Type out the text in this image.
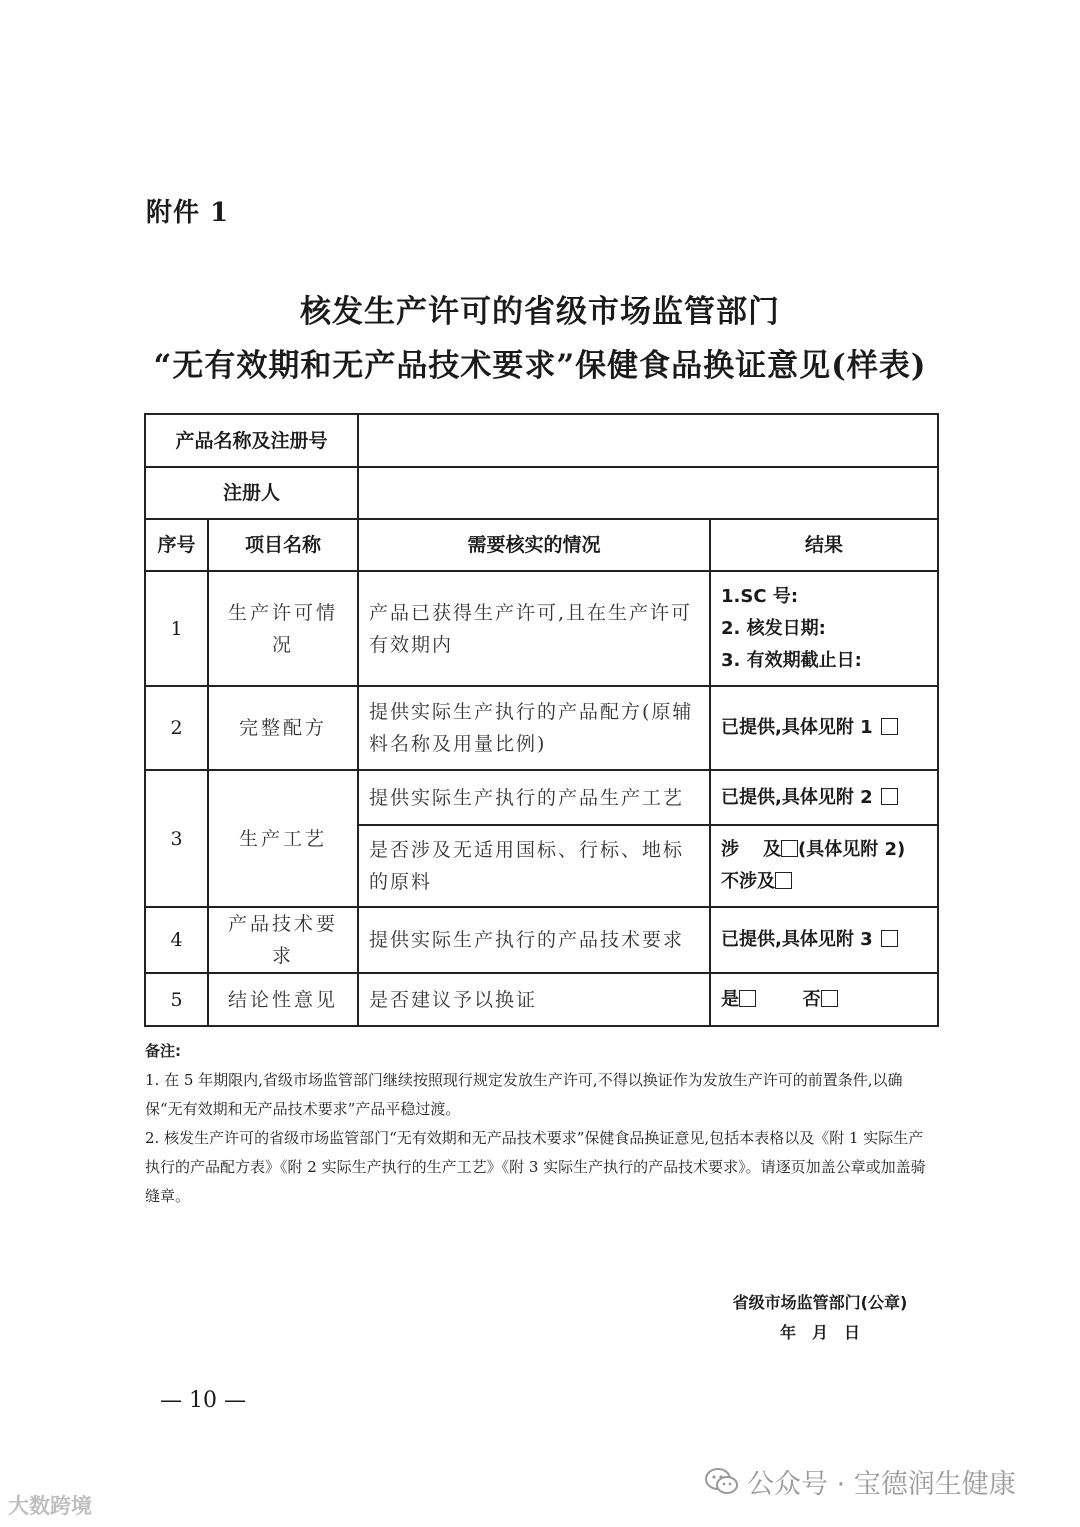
附件 1
核发生产许可的省级市场监管部门
“无有效期和无产品技术要求”保健食品换证意见(样表)
产品名称及注册号			
注册人			
序号	项目名称	需要核实的情况	结果
1	生产许可情况	产品已获得生产许可,且在生产许可有效期内	1.SC 号:
2. 核发日期:
3. 有效期截止日:

2	完整配方	提供实际生产执行的产品配方(原辅料名称及用量比例)	已提供,具体见附 1
3	生产工艺	提供实际生产执行的产品生产工艺	已提供,具体见附 2
		是否涉及无适用国标、行标、地标的原料	涉 及 (具体见附 2)
不涉及

4	产品技术要求	提供实际生产执行的产品技术要求	已提供,具体见附 3
5	结论性意见	是否建议予以换证	是 否
备注:
1. 在 5 年期限内,省级市场监管部门继续按照现行规定发放生产许可,不得以换证作为发放生产许可的前置条件,以确保“无有效期和无产品技术要求”产品平稳过渡。
2. 核发生产许可的省级市场监管部门“无有效期和无产品技术要求”保健食品换证意见,包括本表格以及《附 1 实际生产执行的产品配方表》《附 2 实际生产执行的生产工艺》《附 3 实际生产执行的产品技术要求》。请逐页加盖公章或加盖骑缝章。
省级市场监管部门(公章)
年　月　日
— 10 —
大数跨境
公众号 · 宝德润生健康
